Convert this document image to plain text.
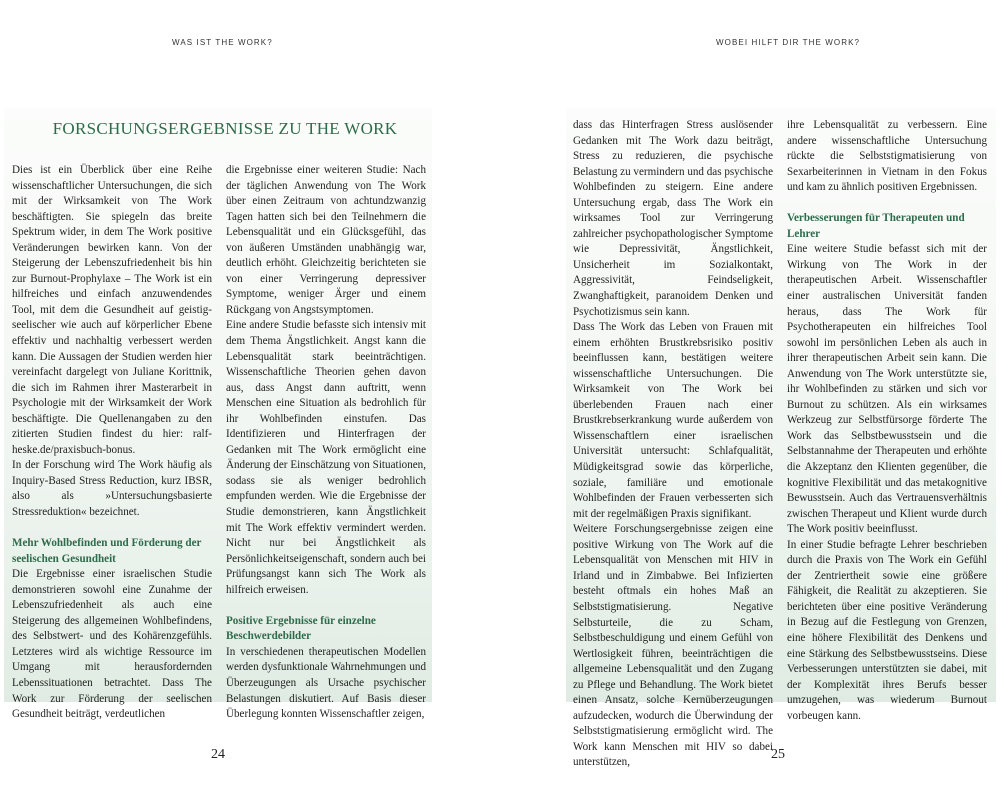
WAS IST THE WORK?
FORSCHUNGSERGEBNISSE ZU THE WORK

Dies ist ein Überblick über eine Reihe wissenschaftlicher Untersuchungen, die sich mit der Wirksamkeit von The Work beschäftigten. Sie spiegeln das breite Spektrum wider, in dem The Work positive Veränderungen bewirken kann. Von der Steigerung der Lebenszufriedenheit bis hin zur Burnout-Prophylaxe – The Work ist ein hilfreiches und einfach anzuwendendes Tool, mit dem die Gesundheit auf geistig-seelischer wie auch auf körperlicher Ebene effektiv und nachhaltig verbessert werden kann. Die Aussagen der Studien werden hier vereinfacht dargelegt von Juliane Korittnik, die sich im Rahmen ihrer Masterarbeit in Psychologie mit der Wirksamkeit der Work beschäftigte. Die Quellenangaben zu den zitierten Studien findest du hier: ralf-heske.de/praxisbuch-bonus.

In der Forschung wird The Work häufig als Inquiry-Based Stress Reduction, kurz IBSR, also als »Untersuchungsbasierte Stressreduktion« bezeichnet.

Mehr Wohlbefinden und Förderung der seelischen Gesundheit

Die Ergebnisse einer israelischen Studie demonstrieren sowohl eine Zunahme der Lebenszufriedenheit als auch eine Steigerung des allgemeinen Wohlbefindens, des Selbstwert- und des Kohärenzgefühls. Letzteres wird als wichtige Ressource im Umgang mit herausfordernden Lebenssituationen betrachtet. Dass The Work zur Förderung der seelischen Gesundheit beiträgt, verdeutlichen

die Ergebnisse einer weiteren Studie: Nach der täglichen Anwendung von The Work über einen Zeitraum von achtundzwanzig Tagen hatten sich bei den Teilnehmern die Lebensqualität und ein Glücksgefühl, das von äußeren Umständen unabhängig war, deutlich erhöht. Gleichzeitig berichteten sie von einer Verringerung depressiver Symptome, weniger Ärger und einem Rückgang von Angstsymptomen.

Eine andere Studie befasste sich intensiv mit dem Thema Ängstlichkeit. Angst kann die Lebensqualität stark beeinträchtigen. Wissenschaftliche Theorien gehen davon aus, dass Angst dann auftritt, wenn Menschen eine Situation als bedrohlich für ihr Wohlbefinden einstufen. Das Identifizieren und Hinterfragen der Gedanken mit The Work ermöglicht eine Änderung der Einschätzung von Situationen, sodass sie als weniger bedrohlich empfunden werden. Wie die Ergebnisse der Studie demonstrieren, kann Ängstlichkeit mit The Work effektiv vermindert werden. Nicht nur bei Ängstlichkeit als Persönlichkeitseigenschaft, sondern auch bei Prüfungsangst kann sich The Work als hilfreich erweisen.

Positive Ergebnisse für einzelne Beschwerdebilder

In verschiedenen therapeutischen Modellen werden dysfunktionale Wahrnehmungen und Überzeugungen als Ursache psychischer Belastungen diskutiert. Auf Basis dieser Überlegung konnten Wissenschaftler zeigen,

24
WOBEI HILFT DIR THE WORK?

dass das Hinterfragen Stress auslösender Gedanken mit The Work dazu beiträgt, Stress zu reduzieren, die psychische Belastung zu vermindern und das psychische Wohlbefinden zu steigern. Eine andere Untersuchung ergab, dass The Work ein wirksames Tool zur Verringerung zahlreicher psychopathologischer Symptome wie Depressivität, Ängstlichkeit, Unsicherheit im Sozialkontakt, Aggressivität, Feindseligkeit, Zwanghaftigkeit, paranoidem Denken und Psychotizismus sein kann.

Dass The Work das Leben von Frauen mit einem erhöhten Brustkrebsrisiko positiv beeinflussen kann, bestätigen weitere wissenschaftliche Untersuchungen. Die Wirksamkeit von The Work bei überlebenden Frauen nach einer Brustkrebserkrankung wurde außerdem von Wissenschaftlern einer israelischen Universität untersucht: Schlafqualität, Müdigkeitsgrad sowie das körperliche, soziale, familiäre und emotionale Wohlbefinden der Frauen verbesserten sich mit der regelmäßigen Praxis signifikant.

Weitere Forschungsergebnisse zeigen eine positive Wirkung von The Work auf die Lebensqualität von Menschen mit HIV in Irland und in Zimbabwe. Bei Infizierten besteht oftmals ein hohes Maß an Selbststigmatisierung. Negative Selbsturteile, die zu Scham, Selbstbeschuldigung und einem Gefühl von Wertlosigkeit führen, beeinträchtigen die allgemeine Lebensqualität und den Zugang zu Pflege und Behandlung. The Work bietet einen Ansatz, solche Kernüberzeugungen aufzudecken, wodurch die Überwindung der Selbststigmatisierung ermöglicht wird. The Work kann Menschen mit HIV so dabei unterstützen,

ihre Lebensqualität zu verbessern. Eine andere wissenschaftliche Untersuchung rückte die Selbststigmatisierung von Sexarbeiterinnen in Vietnam in den Fokus und kam zu ähnlich positiven Ergebnissen.

Verbesserungen für Therapeuten und Lehrer

Eine weitere Studie befasst sich mit der Wirkung von The Work in der therapeutischen Arbeit. Wissenschaftler einer australischen Universität fanden heraus, dass The Work für Psychotherapeuten ein hilfreiches Tool sowohl im persönlichen Leben als auch in ihrer therapeutischen Arbeit sein kann. Die Anwendung von The Work unterstützte sie, ihr Wohlbefinden zu stärken und sich vor Burnout zu schützen. Als ein wirksames Werkzeug zur Selbstfürsorge förderte The Work das Selbstbewusstsein und die Selbstannahme der Therapeuten und erhöhte die Akzeptanz den Klienten gegenüber, die kognitive Flexibilität und das metakognitive Bewusstsein. Auch das Vertrauensverhältnis zwischen Therapeut und Klient wurde durch The Work positiv beeinflusst.

In einer Studie befragte Lehrer beschrieben durch die Praxis von The Work ein Gefühl der Zentriertheit sowie eine größere Fähigkeit, die Realität zu akzeptieren. Sie berichteten über eine positive Veränderung in Bezug auf die Festlegung von Grenzen, eine höhere Flexibilität des Denkens und eine Stärkung des Selbstbewusstseins. Diese Verbesserungen unterstützten sie dabei, mit der Komplexität ihres Berufs besser umzugehen, was wiederum Burnout vorbeugen kann.

25
